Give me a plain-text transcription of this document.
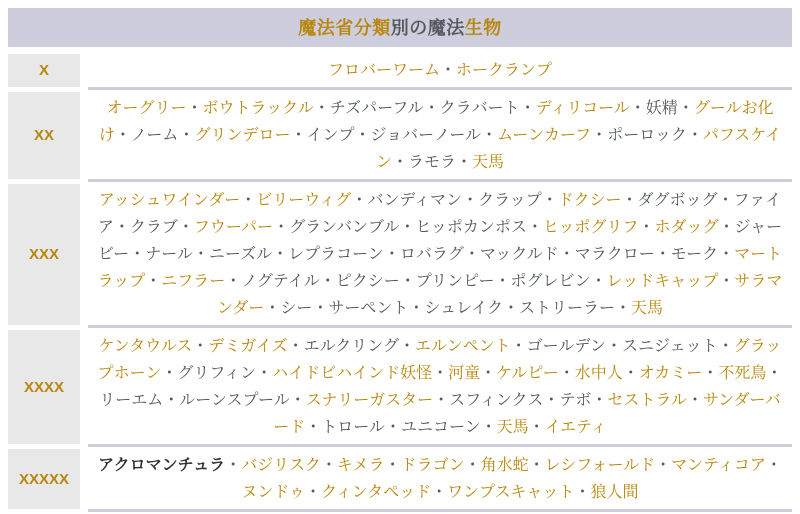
魔法省分類別の魔法生物
X	フロバーワーム・ホークランプ
XX
オーグリー・ボウトラックル・チズパーフル・クラバート・ディリコール・妖精・グールお化け・ノーム・グリンデロー・インプ・ジョバーノール・ムーンカーフ・ポーロック・パフスケイン・ラモラ・天馬
XXX
アッシュワインダー・ビリーウィグ・バンディマン・クラップ・ドクシー・ダグボッグ・ファイア・クラブ・フウーパー・グランバンブル・ヒッポカンポス・ヒッポグリフ・ホダッグ・ジャービー・ナール・ニーズル・レプラコーン・ロバラグ・マックルド・マラクロー・モーク・マートラップ・ニフラー・ノグテイル・ピクシー・プリンピー・ポグレビン・レッドキャップ・サラマンダー・シー・サーペント・シュレイク・ストリーラー・天馬
XXXX
ケンタウルス・デミガイズ・エルクリング・エルンペント・ゴールデン・スニジェット・グラップホーン・グリフィン・ハイドビハインド妖怪・河童・ケルピー・水中人・オカミー・不死鳥・リーエム・ルーンスプール・スナリーガスター・スフィンクス・テボ・セストラル・サンダーバード・トロール・ユニコーン・天馬・イエティ
XXXXX
アクロマンチュラ・バジリスク・キメラ・ドラゴン・角水蛇・レシフォールド・マンティコア・ヌンドゥ・クィンタペッド・ワンプスキャット・狼人間
